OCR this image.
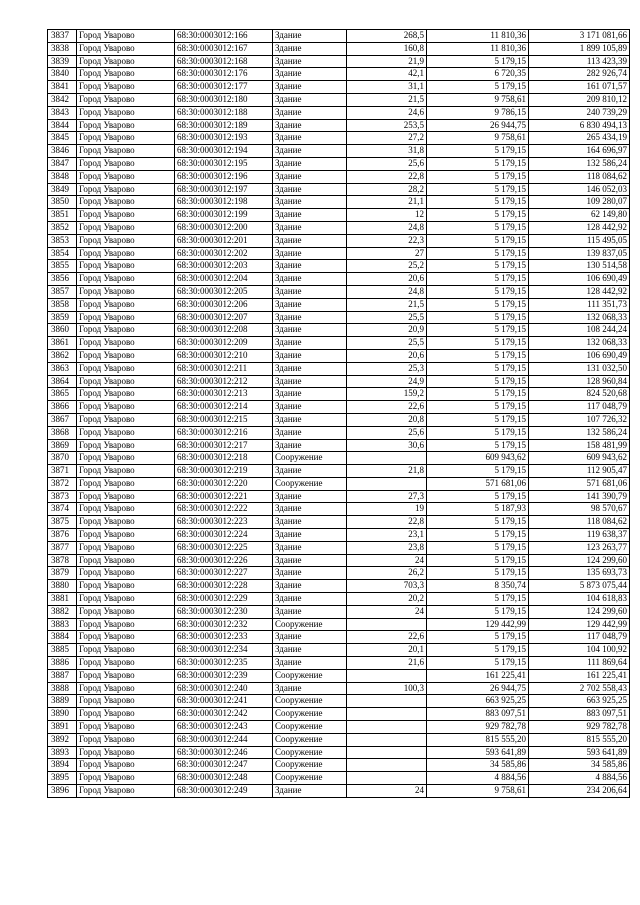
3837	Город Уварово	68:30:0003012:166	Здание	268,5	11 810,36	3 171 081,66
3838	Город Уварово	68:30:0003012:167	Здание	160,8	11 810,36	1 899 105,89
3839	Город Уварово	68:30:0003012:168	Здание	21,9	5 179,15	113 423,39
3840	Город Уварово	68:30:0003012:176	Здание	42,1	6 720,35	282 926,74
3841	Город Уварово	68:30:0003012:177	Здание	31,1	5 179,15	161 071,57
3842	Город Уварово	68:30:0003012:180	Здание	21,5	9 758,61	209 810,12
3843	Город Уварово	68:30:0003012:188	Здание	24,6	9 786,15	240 739,29
3844	Город Уварово	68:30:0003012:189	Здание	253,5	26 944,75	6 830 494,13
3845	Город Уварово	68:30:0003012:193	Здание	27,2	9 758,61	265 434,19
3846	Город Уварово	68:30:0003012:194	Здание	31,8	5 179,15	164 696,97
3847	Город Уварово	68:30:0003012:195	Здание	25,6	5 179,15	132 586,24
3848	Город Уварово	68:30:0003012:196	Здание	22,8	5 179,15	118 084,62
3849	Город Уварово	68:30:0003012:197	Здание	28,2	5 179,15	146 052,03
3850	Город Уварово	68:30:0003012:198	Здание	21,1	5 179,15	109 280,07
3851	Город Уварово	68:30:0003012:199	Здание	12	5 179,15	62 149,80
3852	Город Уварово	68:30:0003012:200	Здание	24,8	5 179,15	128 442,92
3853	Город Уварово	68:30:0003012:201	Здание	22,3	5 179,15	115 495,05
3854	Город Уварово	68:30:0003012:202	Здание	27	5 179,15	139 837,05
3855	Город Уварово	68:30:0003012:203	Здание	25,2	5 179,15	130 514,58
3856	Город Уварово	68:30:0003012:204	Здание	20,6	5 179,15	106 690,49
3857	Город Уварово	68:30:0003012:205	Здание	24,8	5 179,15	128 442,92
3858	Город Уварово	68:30:0003012:206	Здание	21,5	5 179,15	111 351,73
3859	Город Уварово	68:30:0003012:207	Здание	25,5	5 179,15	132 068,33
3860	Город Уварово	68:30:0003012:208	Здание	20,9	5 179,15	108 244,24
3861	Город Уварово	68:30:0003012:209	Здание	25,5	5 179,15	132 068,33
3862	Город Уварово	68:30:0003012:210	Здание	20,6	5 179,15	106 690,49
3863	Город Уварово	68:30:0003012:211	Здание	25,3	5 179,15	131 032,50
3864	Город Уварово	68:30:0003012:212	Здание	24,9	5 179,15	128 960,84
3865	Город Уварово	68:30:0003012:213	Здание	159,2	5 179,15	824 520,68
3866	Город Уварово	68:30:0003012:214	Здание	22,6	5 179,15	117 048,79
3867	Город Уварово	68:30:0003012:215	Здание	20,8	5 179,15	107 726,32
3868	Город Уварово	68:30:0003012:216	Здание	25,6	5 179,15	132 586,24
3869	Город Уварово	68:30:0003012:217	Здание	30,6	5 179,15	158 481,99
3870	Город Уварово	68:30:0003012:218	Сооружение		609 943,62	609 943,62
3871	Город Уварово	68:30:0003012:219	Здание	21,8	5 179,15	112 905,47
3872	Город Уварово	68:30:0003012:220	Сооружение		571 681,06	571 681,06
3873	Город Уварово	68:30:0003012:221	Здание	27,3	5 179,15	141 390,79
3874	Город Уварово	68:30:0003012:222	Здание	19	5 187,93	98 570,67
3875	Город Уварово	68:30:0003012:223	Здание	22,8	5 179,15	118 084,62
3876	Город Уварово	68:30:0003012:224	Здание	23,1	5 179,15	119 638,37
3877	Город Уварово	68:30:0003012:225	Здание	23,8	5 179,15	123 263,77
3878	Город Уварово	68:30:0003012:226	Здание	24	5 179,15	124 299,60
3879	Город Уварово	68:30:0003012:227	Здание	26,2	5 179,15	135 693,73
3880	Город Уварово	68:30:0003012:228	Здание	703,3	8 350,74	5 873 075,44
3881	Город Уварово	68:30:0003012:229	Здание	20,2	5 179,15	104 618,83
3882	Город Уварово	68:30:0003012:230	Здание	24	5 179,15	124 299,60
3883	Город Уварово	68:30:0003012:232	Сооружение		129 442,99	129 442,99
3884	Город Уварово	68:30:0003012:233	Здание	22,6	5 179,15	117 048,79
3885	Город Уварово	68:30:0003012:234	Здание	20,1	5 179,15	104 100,92
3886	Город Уварово	68:30:0003012:235	Здание	21,6	5 179,15	111 869,64
3887	Город Уварово	68:30:0003012:239	Сооружение		161 225,41	161 225,41
3888	Город Уварово	68:30:0003012:240	Здание	100,3	26 944,75	2 702 558,43
3889	Город Уварово	68:30:0003012:241	Сооружение		663 925,25	663 925,25
3890	Город Уварово	68:30:0003012:242	Сооружение		883 097,51	883 097,51
3891	Город Уварово	68:30:0003012:243	Сооружение		929 782,78	929 782,78
3892	Город Уварово	68:30:0003012:244	Сооружение		815 555,20	815 555,20
3893	Город Уварово	68:30:0003012:246	Сооружение		593 641,89	593 641,89
3894	Город Уварово	68:30:0003012:247	Сооружение		34 585,86	34 585,86
3895	Город Уварово	68:30:0003012:248	Сооружение		4 884,56	4 884,56
3896	Город Уварово	68:30:0003012:249	Здание	24	9 758,61	234 206,64
